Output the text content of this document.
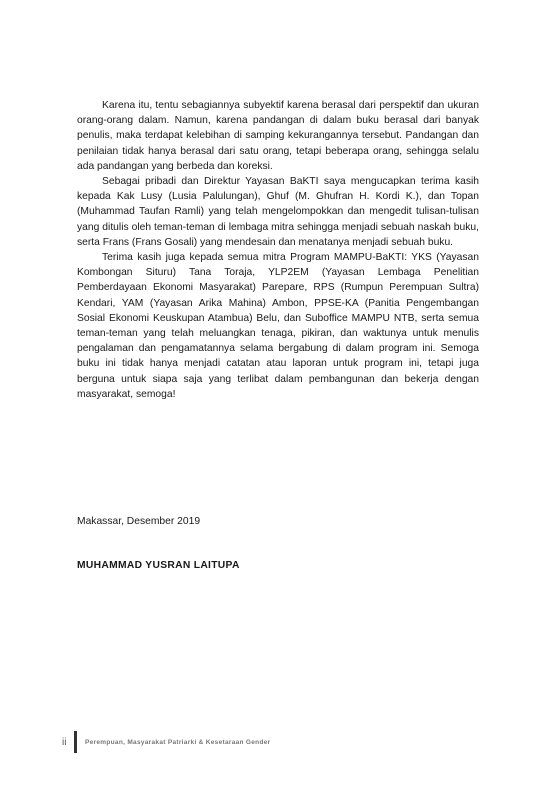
Karena itu, tentu sebagiannya subyektif karena berasal dari perspektif dan ukuran orang-orang dalam. Namun, karena pandangan di dalam buku berasal dari banyak penulis, maka terdapat kelebihan di samping kekurangannya tersebut. Pandangan dan penilaian tidak hanya berasal dari satu orang, tetapi beberapa orang, sehingga selalu ada pandangan yang berbeda dan koreksi.

Sebagai pribadi dan Direktur Yayasan BaKTI saya mengucapkan terima kasih kepada Kak Lusy (Lusia Palulungan), Ghuf (M. Ghufran H. Kordi K.), dan Topan (Muhammad Taufan Ramli) yang telah mengelompokkan dan mengedit tulisan-tulisan yang ditulis oleh teman-teman di lembaga mitra sehingga menjadi sebuah naskah buku, serta Frans (Frans Gosali) yang mendesain dan menatanya menjadi sebuah buku.

Terima kasih juga kepada semua mitra Program MAMPU-BaKTI: YKS (Yayasan Kombongan Situru) Tana Toraja, YLP2EM (Yayasan Lembaga Penelitian Pemberdayaan Ekonomi Masyarakat) Parepare, RPS (Rumpun Perempuan Sultra) Kendari, YAM (Yayasan Arika Mahina) Ambon, PPSE-KA (Panitia Pengembangan Sosial Ekonomi Keuskupan Atambua) Belu, dan Suboffice MAMPU NTB, serta semua teman-teman yang telah meluangkan tenaga, pikiran, dan waktunya untuk menulis pengalaman dan pengamatannya selama bergabung di dalam program ini. Semoga buku ini tidak hanya menjadi catatan atau laporan untuk program ini, tetapi juga berguna untuk siapa saja yang terlibat dalam pembangunan dan bekerja dengan masyarakat, semoga!

Makassar, Desember 2019
MUHAMMAD YUSRAN LAITUPA
ii	Perempuan, Masyarakat Patriarki & Kesetaraan Gender
